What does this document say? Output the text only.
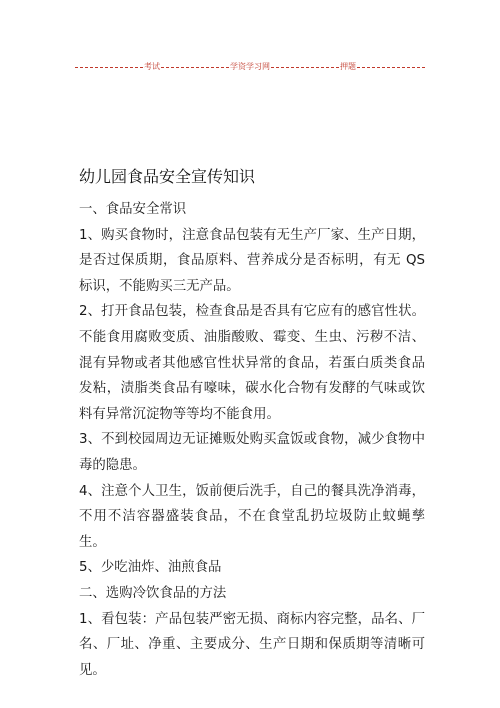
考试	学资学习网	押题
幼儿园食品安全宣传知识

一、食品安全常识

1、购买食物时，注意食品包装有无生产厂家、生产日期，是否过保质期，食品原料、营养成分是否标明，有无 QS 标识，不能购买三无产品。

2、打开食品包装，检查食品是否具有它应有的感官性状。不能食用腐败变质、油脂酸败、霉变、生虫、污秽不洁、混有异物或者其他感官性状异常的食品，若蛋白质类食品发粘，渍脂类食品有嚎味，碳水化合物有发酵的气味或饮料有异常沉淀物等等均不能食用。

3、不到校园周边无证摊贩处购买盒饭或食物，减少食物中毒的隐患。

4、注意个人卫生，饭前便后洗手，自己的餐具洗净消毒，不用不洁容器盛装食品，不在食堂乱扔垃圾防止蚊蝇孳生。

5、少吃油炸、油煎食品

二、选购冷饮食品的方法

1、看包装：产品包装严密无损、商标内容完整，品名、厂名、厂址、净重、主要成分、生产日期和保质期等清晰可见。
